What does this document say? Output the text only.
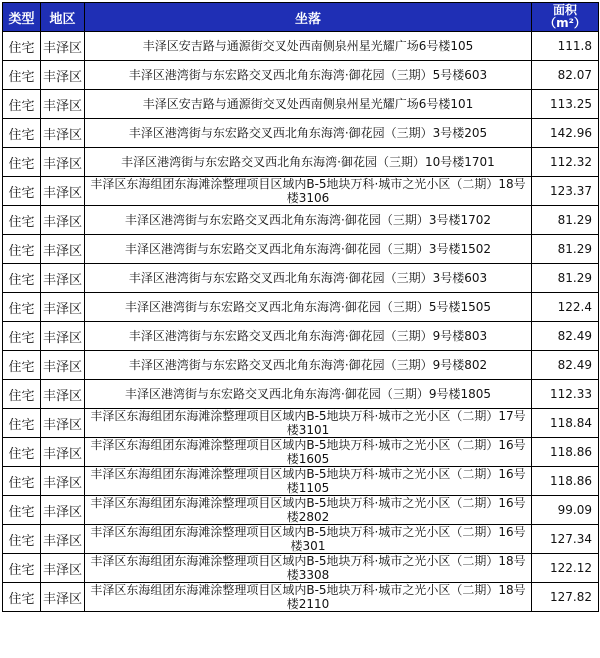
类型	地区	坐落	面积
（m²）
住宅	丰泽区	丰泽区安吉路与通源街交叉处西南侧泉州星光耀广场6号楼105	111.8
住宅	丰泽区	丰泽区港湾街与东宏路交叉西北角东海湾·御花园（三期）5号楼603	82.07
住宅	丰泽区	丰泽区安吉路与通源街交叉处西南侧泉州星光耀广场6号楼101	113.25
住宅	丰泽区	丰泽区港湾街与东宏路交叉西北角东海湾·御花园（三期）3号楼205	142.96
住宅	丰泽区	丰泽区港湾街与东宏路交叉西北角东海湾·御花园（三期）10号楼1701	112.32
住宅	丰泽区	丰泽区东海组团东海滩涂整理项目区域内B-5地块万科·城市之光小区（二期）18号楼3106	123.37
住宅	丰泽区	丰泽区港湾街与东宏路交叉西北角东海湾·御花园（三期）3号楼1702	81.29
住宅	丰泽区	丰泽区港湾街与东宏路交叉西北角东海湾·御花园（三期）3号楼1502	81.29
住宅	丰泽区	丰泽区港湾街与东宏路交叉西北角东海湾·御花园（三期）3号楼603	81.29
住宅	丰泽区	丰泽区港湾街与东宏路交叉西北角东海湾·御花园（三期）5号楼1505	122.4
住宅	丰泽区	丰泽区港湾街与东宏路交叉西北角东海湾·御花园（三期）9号楼803	82.49
住宅	丰泽区	丰泽区港湾街与东宏路交叉西北角东海湾·御花园（三期）9号楼802	82.49
住宅	丰泽区	丰泽区港湾街与东宏路交叉西北角东海湾·御花园（三期）9号楼1805	112.33
住宅	丰泽区	丰泽区东海组团东海滩涂整理项目区域内B-5地块万科·城市之光小区（二期）17号楼3101	118.84
住宅	丰泽区	丰泽区东海组团东海滩涂整理项目区域内B-5地块万科·城市之光小区（二期）16号楼1605	118.86
住宅	丰泽区	丰泽区东海组团东海滩涂整理项目区域内B-5地块万科·城市之光小区（二期）16号楼1105	118.86
住宅	丰泽区	丰泽区东海组团东海滩涂整理项目区域内B-5地块万科·城市之光小区（二期）16号楼2802	99.09
住宅	丰泽区	丰泽区东海组团东海滩涂整理项目区域内B-5地块万科·城市之光小区（二期）16号楼301	127.34
住宅	丰泽区	丰泽区东海组团东海滩涂整理项目区域内B-5地块万科·城市之光小区（二期）18号楼3308	122.12
住宅	丰泽区	丰泽区东海组团东海滩涂整理项目区域内B-5地块万科·城市之光小区（二期）18号楼2110	127.82
